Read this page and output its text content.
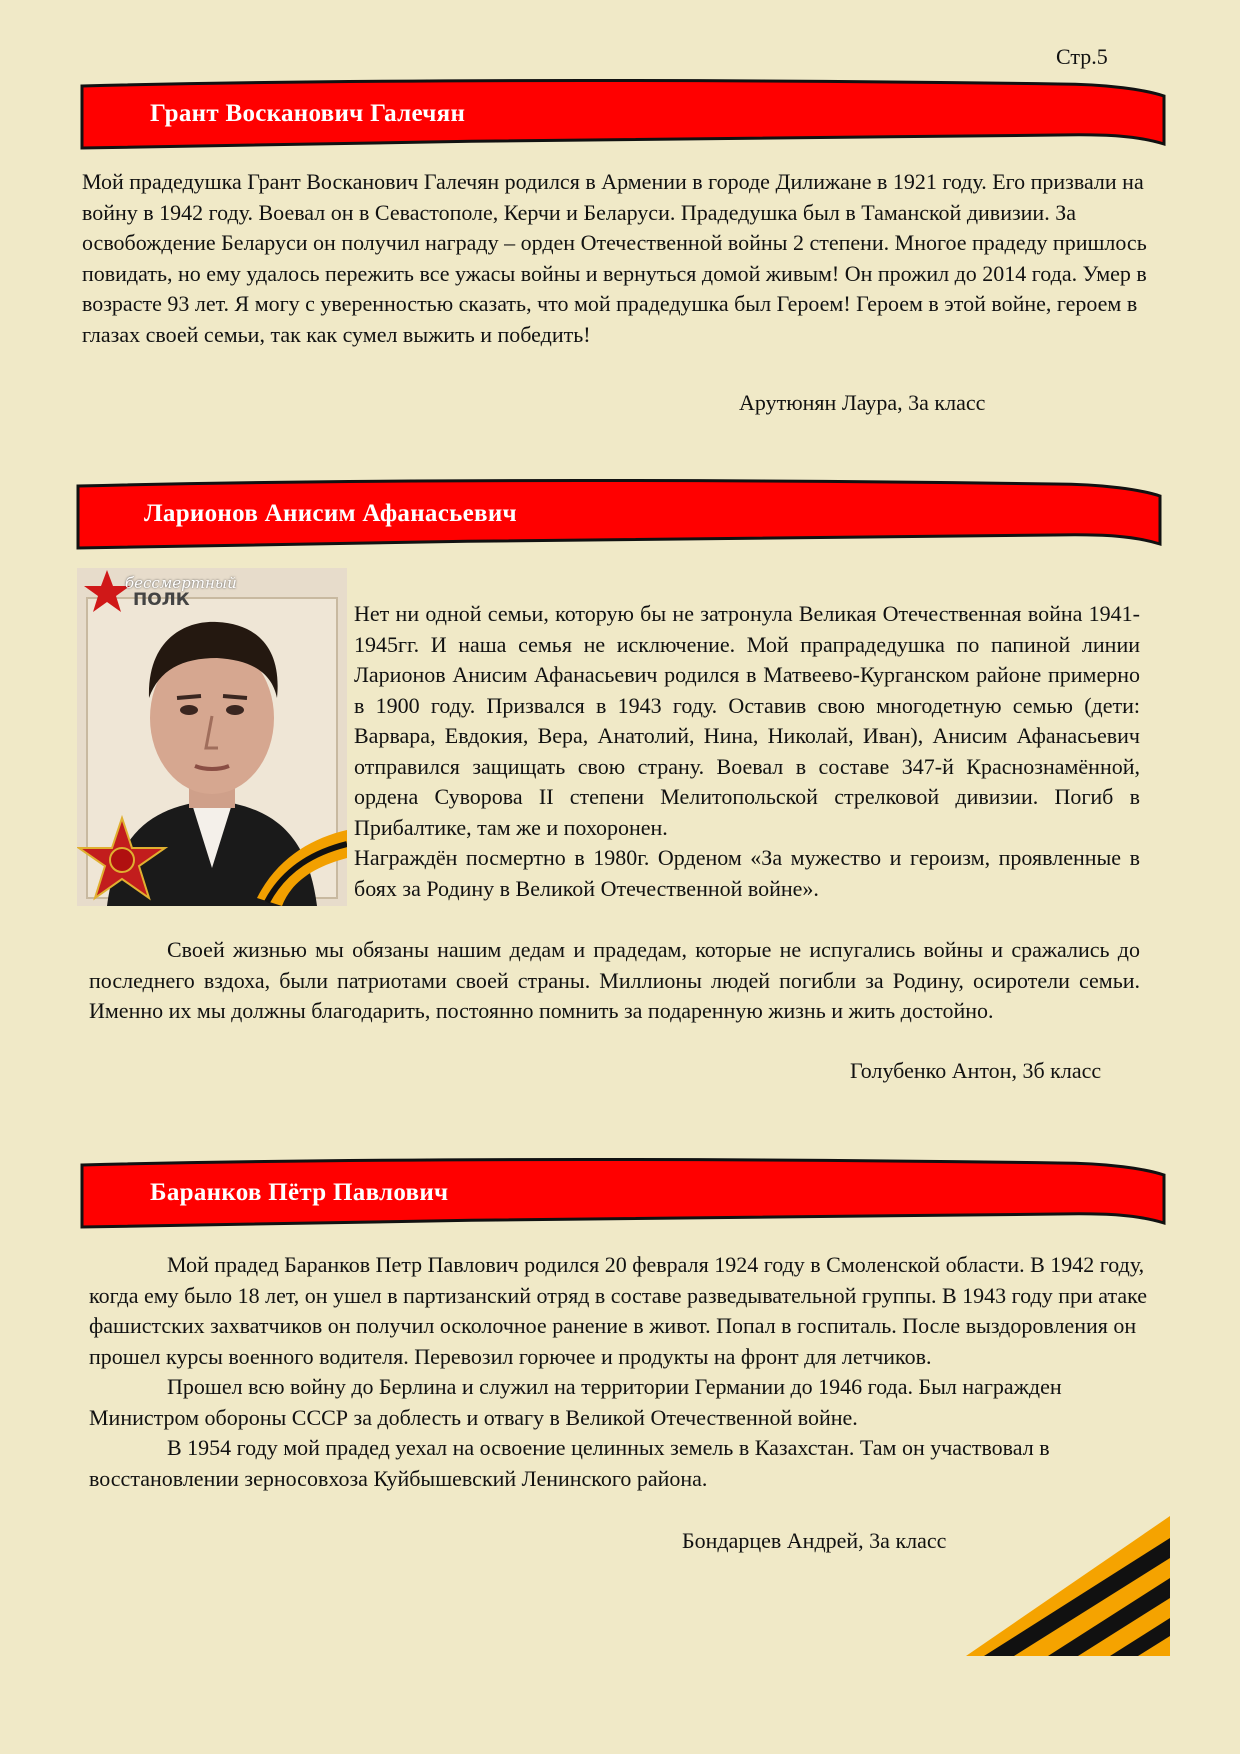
Стр.5
Грант Восканович Галечян

Мой прадедушка Грант Восканович Галечян родился в Армении в городе Дилижане в 1921 году. Его призвали на войну в 1942 году. Воевал он в Севастополе, Керчи и Беларуси. Прадедушка был в Таманской дивизии. За освобождение Беларуси он получил награду – орден Отечественной войны 2 степени. Многое прадеду пришлось повидать, но ему удалось пережить все ужасы войны и вернуться домой живым! Он прожил до 2014 года. Умер в возрасте 93 лет. Я могу с уверенностью сказать, что мой прадедушка был Героем! Героем в этой войне, героем в глазах своей семьи, так как сумел выжить и победить!

Арутюнян Лаура, 3а класс
Ларионов Анисим Афанасьевич
бессмертный
ПОЛК

Нет ни одной семьи, которую бы не затронула Великая Отечественная война 1941-1945гг. И наша семья не исключение. Мой прапрадедушка по папиной линии Ларионов Анисим Афанасьевич родился в Матвеево-Курганском районе примерно в 1900 году. Призвался в 1943 году. Оставив свою многодетную семью (дети: Варвара, Евдокия, Вера, Анатолий, Нина, Николай, Иван), Анисим Афанасьевич отправился защищать свою страну. Воевал в составе 347-й Краснознамённой, ордена Суворова II степени Мелитопольской стрелковой дивизии. Погиб в Прибалтике, там же и похоронен.

Награждён посмертно в 1980г. Орденом «За мужество и героизм, проявленные в боях за Родину в Великой Отечественной войне».

Своей жизнью мы обязаны нашим дедам и прадедам, которые не испугались войны и сражались до последнего вздоха, были патриотами своей страны. Миллионы людей погибли за Родину, осиротели семьи. Именно их мы должны благодарить, постоянно помнить за подаренную жизнь и жить достойно.

Голубенко Антон, 3б класс
Баранков Пётр Павлович

Мой прадед Баранков Петр Павлович родился 20 февраля 1924 году в Смоленской области. В 1942 году, когда ему было 18 лет, он ушел в партизанский отряд в составе разведывательной группы. В 1943 году при атаке фашистских захватчиков он получил осколочное ранение в живот. Попал в госпиталь. После выздоровления он прошел курсы военного водителя. Перевозил горючее и продукты на фронт для летчиков.

Прошел всю войну до Берлина и служил на территории Германии до 1946 года. Был награжден Министром обороны СССР за доблесть и отвагу в Великой Отечественной войне.

В 1954 году мой прадед уехал на освоение целинных земель в Казахстан. Там он участвовал в восстановлении зерносовхоза Куйбышевский Ленинского района.

Бондарцев Андрей, 3а класс
